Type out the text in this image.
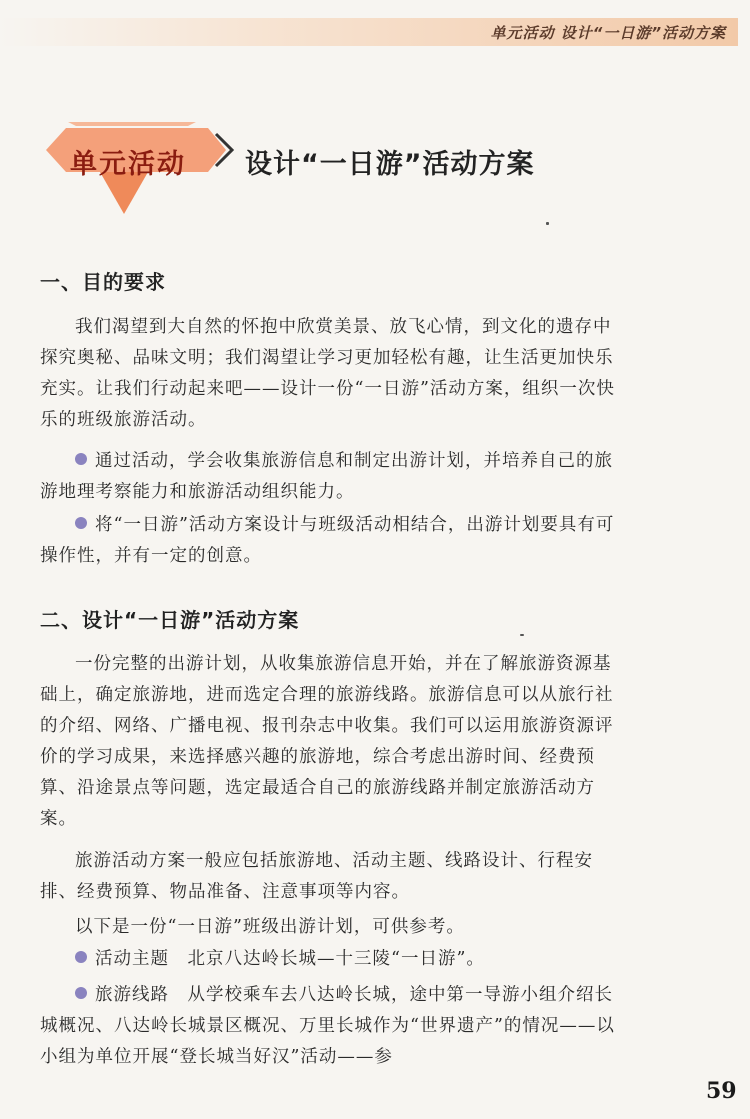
单元活动 设计“一日游”活动方案
单元活动 设计“一日游”活动方案
一、目的要求

我们渴望到大自然的怀抱中欣赏美景、放飞心情，到文化的遗存中探究奥秘、品味文明；我们渴望让学习更加轻松有趣，让生活更加快乐充实。让我们行动起来吧——设计一份“一日游”活动方案，组织一次快乐的班级旅游活动。

通过活动，学会收集旅游信息和制定出游计划，并培养自己的旅游地理考察能力和旅游活动组织能力。

将“一日游”活动方案设计与班级活动相结合，出游计划要具有可操作性，并有一定的创意。

二、设计“一日游”活动方案

一份完整的出游计划，从收集旅游信息开始，并在了解旅游资源基础上，确定旅游地，进而选定合理的旅游线路。旅游信息可以从旅行社的介绍、网络、广播电视、报刊杂志中收集。我们可以运用旅游资源评价的学习成果，来选择感兴趣的旅游地，综合考虑出游时间、经费预算、沿途景点等问题，选定最适合自己的旅游线路并制定旅游活动方案。

旅游活动方案一般应包括旅游地、活动主题、线路设计、行程安排、经费预算、物品准备、注意事项等内容。

以下是一份“一日游”班级出游计划，可供参考。

活动主题　北京八达岭长城—十三陵“一日游”。

旅游线路　从学校乘车去八达岭长城，途中第一导游小组介绍长城概况、八达岭长城景区概况、万里长城作为“世界遗产”的情况——以小组为单位开展“登长城当好汉”活动——参

59
